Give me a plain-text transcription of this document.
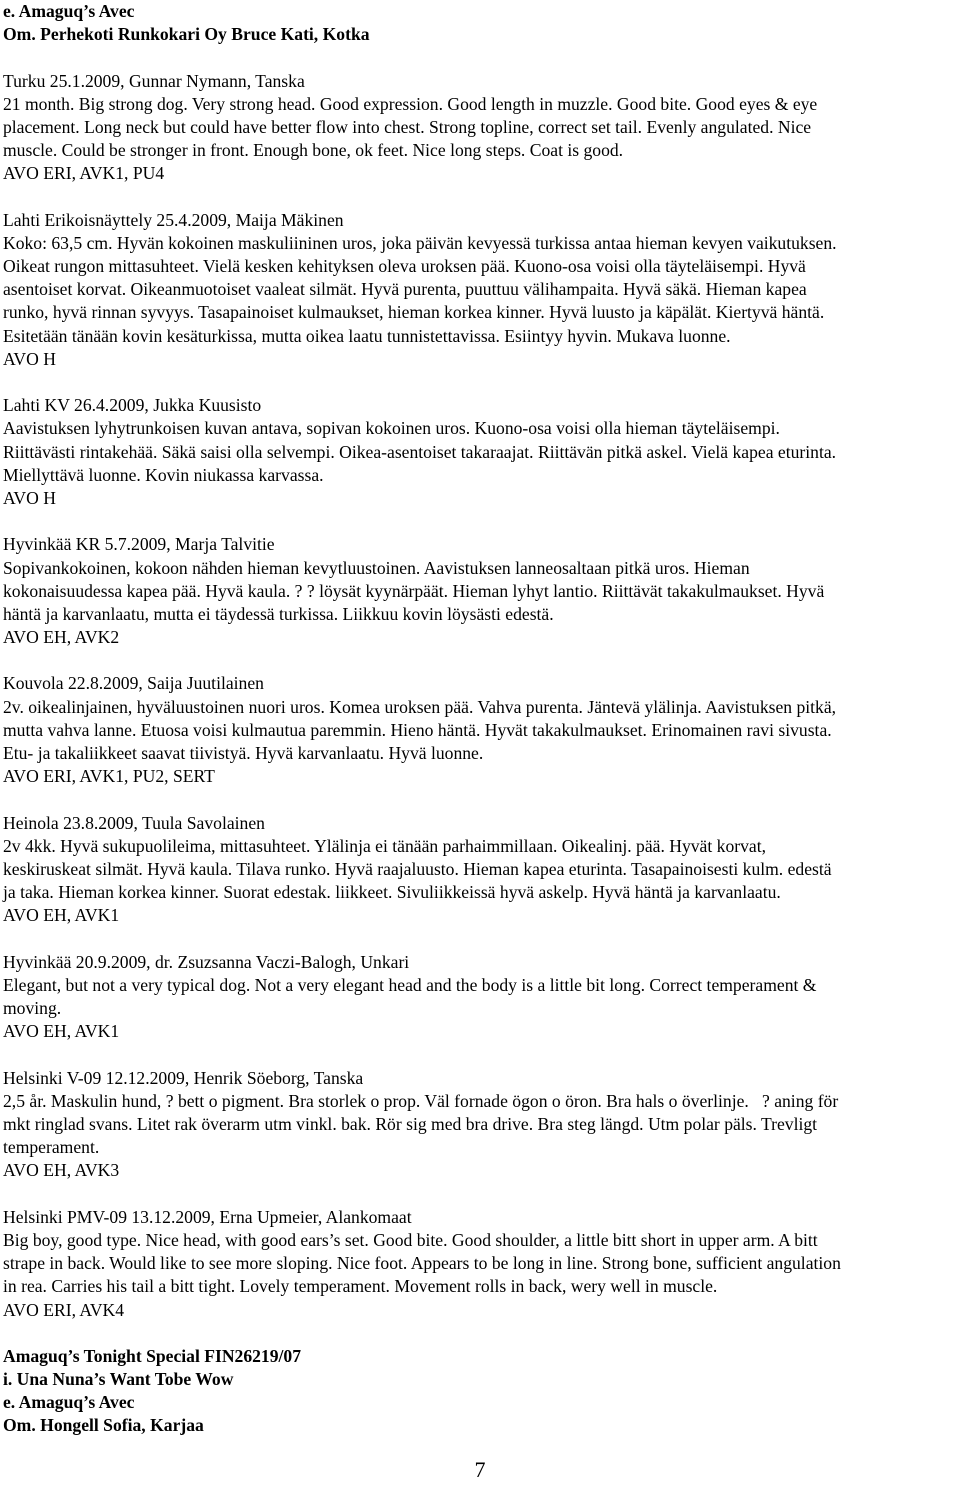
e. Amaguq’s Avec
Om. Perhekoti Runkokari Oy Bruce Kati, Kotka
Turku 25.1.2009, Gunnar Nymann, Tanska
21 month. Big strong dog. Very strong head. Good expression. Good length in muzzle. Good bite. Good eyes & eye
placement. Long neck but could have better flow into chest. Strong topline, correct set tail. Evenly angulated. Nice
muscle. Could be stronger in front. Enough bone, ok feet. Nice long steps. Coat is good.
AVO ERI, AVK1, PU4
Lahti Erikoisnäyttely 25.4.2009, Maija Mäkinen
Koko: 63,5 cm. Hyvän kokoinen maskuliininen uros, joka päivän kevyessä turkissa antaa hieman kevyen vaikutuksen.
Oikeat rungon mittasuhteet. Vielä kesken kehityksen oleva uroksen pää. Kuono-osa voisi olla täyteläisempi. Hyvä
asentoiset korvat. Oikeanmuotoiset vaaleat silmät. Hyvä purenta, puuttuu välihampaita. Hyvä säkä. Hieman kapea
runko, hyvä rinnan syvyys. Tasapainoiset kulmaukset, hieman korkea kinner. Hyvä luusto ja käpälät. Kiertyvä häntä.
Esitetään tänään kovin kesäturkissa, mutta oikea laatu tunnistettavissa. Esiintyy hyvin. Mukava luonne.
AVO H
Lahti KV 26.4.2009, Jukka Kuusisto
Aavistuksen lyhytrunkoisen kuvan antava, sopivan kokoinen uros. Kuono-osa voisi olla hieman täyteläisempi.
Riittävästi rintakehää. Säkä saisi olla selvempi. Oikea-asentoiset takaraajat. Riittävän pitkä askel. Vielä kapea eturinta.
Miellyttävä luonne. Kovin niukassa karvassa.
AVO H
Hyvinkää KR 5.7.2009, Marja Talvitie
Sopivankokoinen, kokoon nähden hieman kevytluustoinen. Aavistuksen lanneosaltaan pitkä uros. Hieman
kokonaisuudessa kapea pää. Hyvä kaula. ? ? löysät kyynärpäät. Hieman lyhyt lantio. Riittävät takakulmaukset. Hyvä
häntä ja karvanlaatu, mutta ei täydessä turkissa. Liikkuu kovin löysästi edestä.
AVO EH, AVK2
Kouvola 22.8.2009, Saija Juutilainen
2v. oikealinjainen, hyväluustoinen nuori uros. Komea uroksen pää. Vahva purenta. Jäntevä ylälinja. Aavistuksen pitkä,
mutta vahva lanne. Etuosa voisi kulmautua paremmin. Hieno häntä. Hyvät takakulmaukset. Erinomainen ravi sivusta.
Etu- ja takaliikkeet saavat tiivistyä. Hyvä karvanlaatu. Hyvä luonne.
AVO ERI, AVK1, PU2, SERT
Heinola 23.8.2009, Tuula Savolainen
2v 4kk. Hyvä sukupuolileima, mittasuhteet. Ylälinja ei tänään parhaimmillaan. Oikealinj. pää. Hyvät korvat,
keskiruskeat silmät. Hyvä kaula. Tilava runko. Hyvä raajaluusto. Hieman kapea eturinta. Tasapainoisesti kulm. edestä
ja taka. Hieman korkea kinner. Suorat edestak. liikkeet. Sivuliikkeissä hyvä askelp. Hyvä häntä ja karvanlaatu.
AVO EH, AVK1
Hyvinkää 20.9.2009, dr. Zsuzsanna Vaczi-Balogh, Unkari
Elegant, but not a very typical dog. Not a very elegant head and the body is a little bit long. Correct temperament &
moving.
AVO EH, AVK1
Helsinki V-09 12.12.2009, Henrik Söeborg, Tanska
2,5 år. Maskulin hund, ? bett o pigment. Bra storlek o prop. Väl fornade ögon o öron. Bra hals o överlinje.   ? aning för
mkt ringlad svans. Litet rak överarm utm vinkl. bak. Rör sig med bra drive. Bra steg längd. Utm polar päls. Trevligt
temperament.
AVO EH, AVK3
Helsinki PMV-09 13.12.2009, Erna Upmeier, Alankomaat
Big boy, good type. Nice head, with good ears’s set. Good bite. Good shoulder, a little bitt short in upper arm. A bitt
strape in back. Would like to see more sloping. Nice foot. Appears to be long in line. Strong bone, sufficient angulation
in rea. Carries his tail a bitt tight. Lovely temperament. Movement rolls in back, wery well in muscle.
AVO ERI, AVK4
Amaguq’s Tonight Special FIN26219/07
i. Una Nuna’s Want Tobe Wow
e. Amaguq’s Avec
Om. Hongell Sofia, Karjaa
7
